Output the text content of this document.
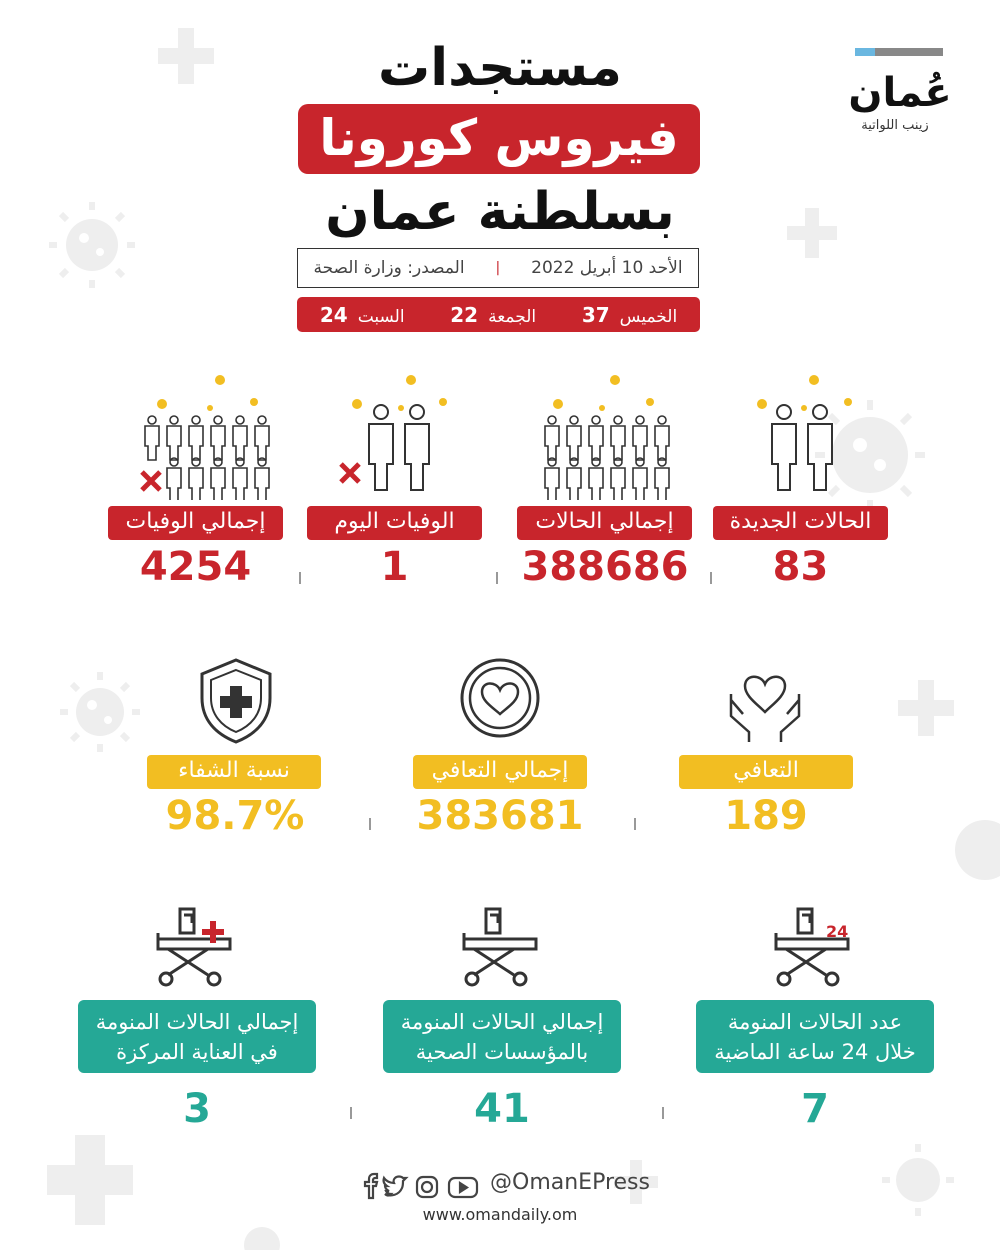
مستجدات
فيروس كورونا
بسلطنة عمان
الأحد 10 أبريل 2022
|
المصدر: وزارة الصحة
الخميس37
الجمعة22
السبت24
عُمان
زينب اللواتية
الحالات الجديدة
إجمالي الحالات
الوفيات اليوم
إجمالي الوفيات
83
388686
1
4254
التعافي
إجمالي التعافي
نسبة الشفاء
189
383681
98.7%
24
عدد الحالات المنومة
خلال 24 ساعة الماضية
إجمالي الحالات المنومة
بالمؤسسات الصحية
إجمالي الحالات المنومة
في العناية المركزة
7
41
3
@OmanEPress
www.omandaily.om
